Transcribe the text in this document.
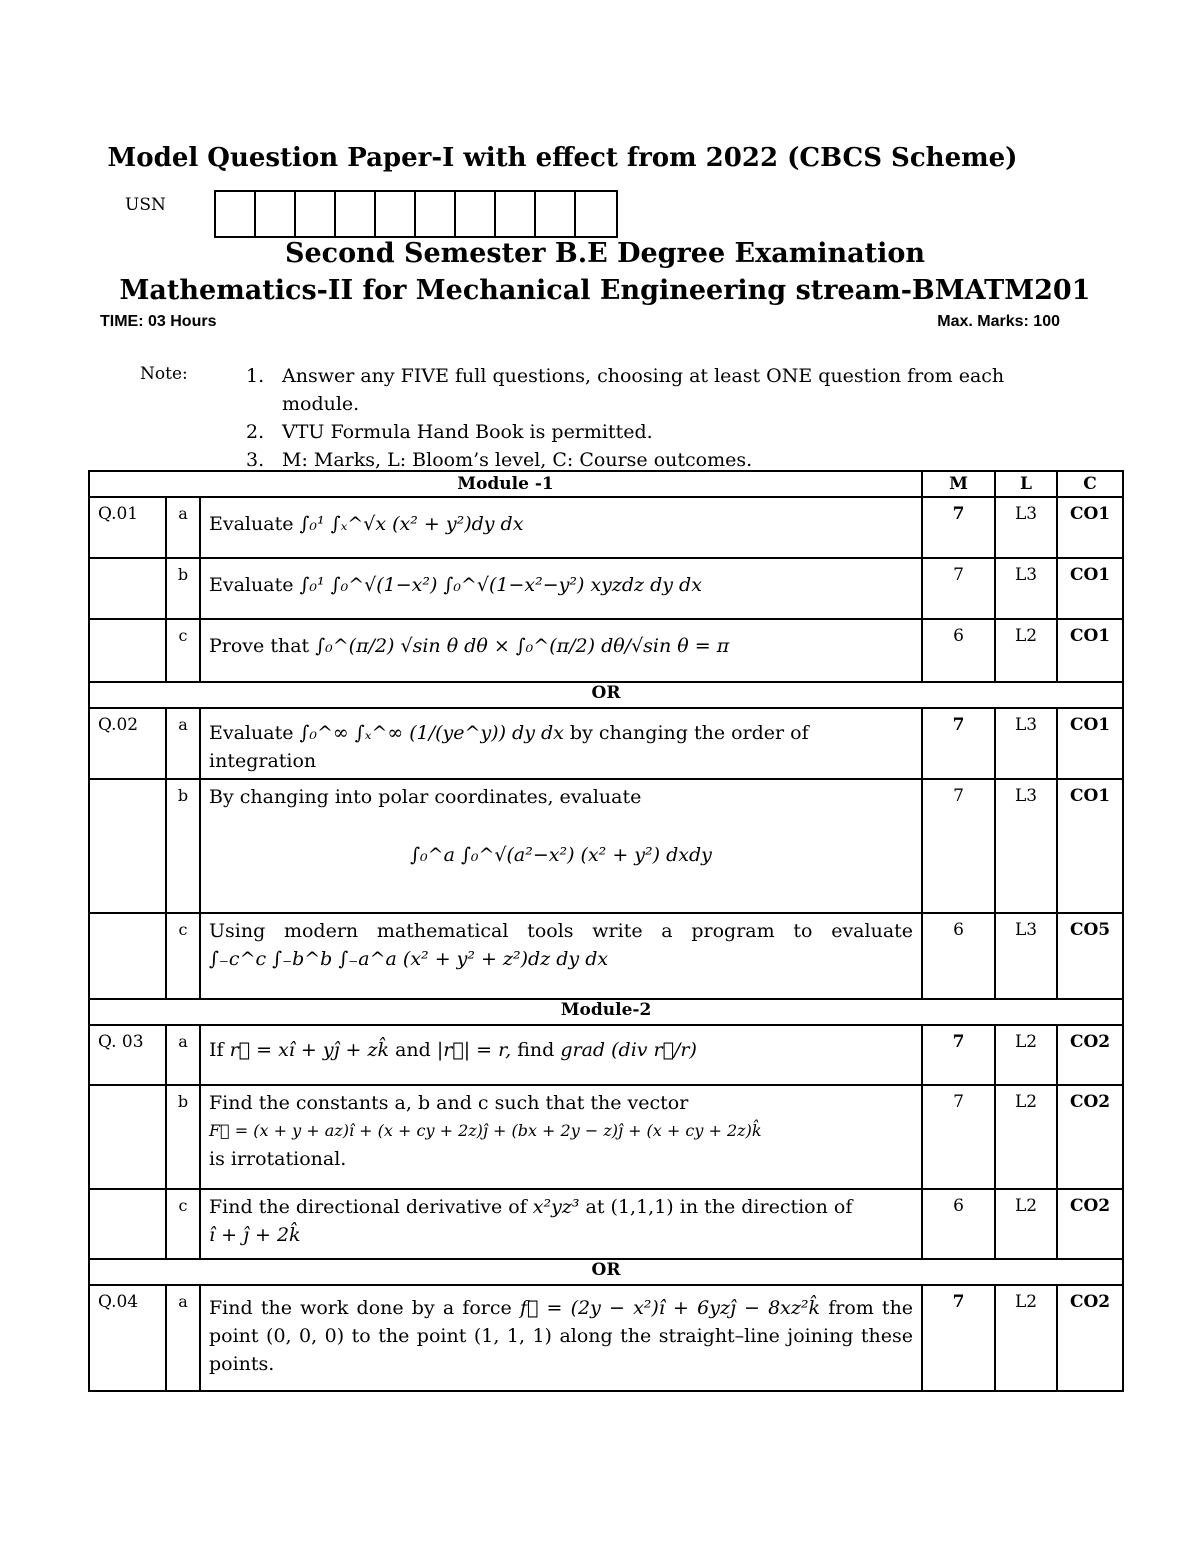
Model Question Paper-I with effect from 2022 (CBCS Scheme)
USN
Second Semester B.E Degree Examination
Mathematics-II for Mechanical Engineering stream-BMATM201
TIME: 03 Hours	Max. Marks: 100
Note:	1. Answer any FIVE full questions, choosing at least ONE question from each module.
2. VTU Formula Hand Book is permitted.
3. M: Marks, L: Bloom’s level, C: Course outcomes.
Module -1			M	L	C
Q.01	a	Evaluate ∫₀¹ ∫ₓ^√x (x² + y²)dy dx	7	L3	CO1
	b	Evaluate ∫₀¹ ∫₀^√(1−x²) ∫₀^√(1−x²−y²) xyzdz dy dx	7	L3	CO1
	c	Prove that ∫₀^(π/2) √sin θ dθ × ∫₀^(π/2) dθ/√sin θ = π	6	L2	CO1
OR					
Q.02	a	Evaluate ∫₀^∞ ∫ₓ^∞ (1/(ye^y)) dy dx by changing the order of integration	7	L3	CO1
	b	By changing into polar coordinates, evaluate
∫₀^a ∫₀^√(a²−x²) (x² + y²) dxdy	7	L3	CO1
	c	Using modern mathematical tools write a program to evaluate
∫₋c^c ∫₋b^b ∫₋a^a (x² + y² + z²)dz dy dx	6	L3	CO5
Module-2					
Q. 03	a	If r⃗ = xî + yĵ + zk̂ and |r⃗| = r, find grad (div r⃗/r)	7	L2	CO2
	b	Find the constants a, b and c such that the vector
F⃗ = (x + y + az)î + (x + cy + 2z)ĵ + (bx + 2y − z)ĵ + (x + cy + 2z)k̂
is irrotational.	7	L2	CO2
	c	Find the directional derivative of x²yz³ at (1,1,1) in the direction of
î + ĵ + 2k̂	6	L2	CO2
OR					
Q.04	a	Find the work done by a force f⃗ = (2y − x²)î + 6yzĵ − 8xz²k̂ from the point (0, 0, 0) to the point (1, 1, 1) along the straight–line joining these points.	7	L2	CO2
